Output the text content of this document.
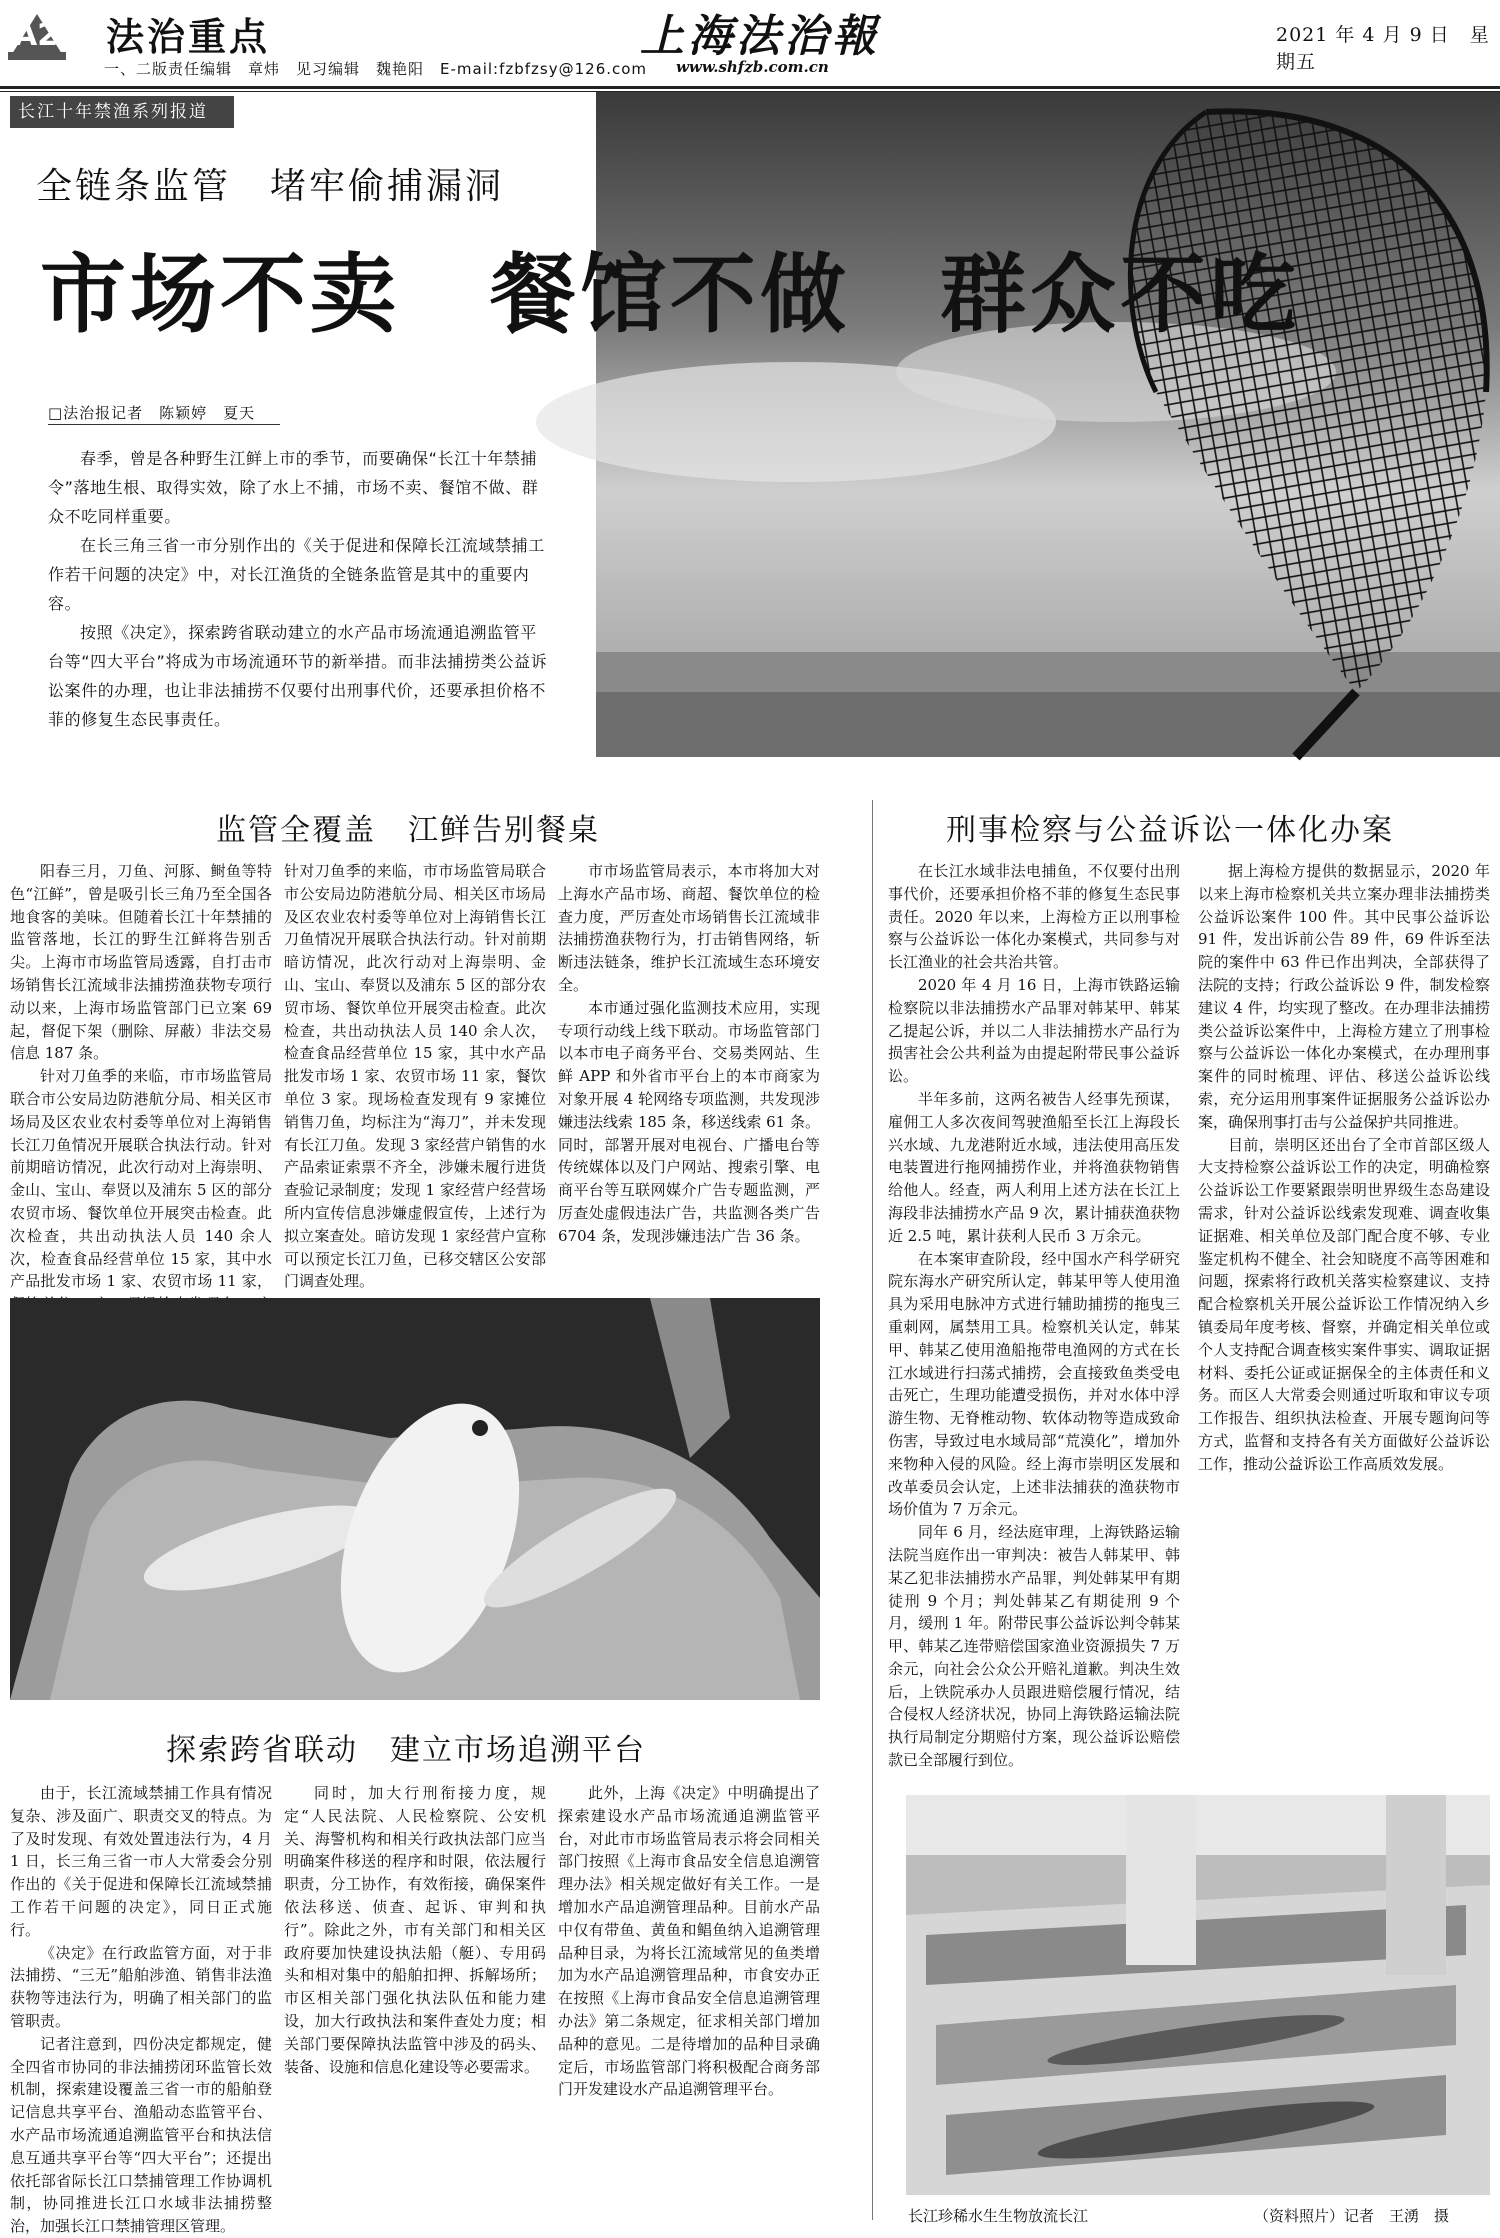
A2 法治重点
一、二版责任编辑　章炜　见习编辑　魏艳阳　E-mail:fzbfzsy@126.com
上海法治報
www.shfzb.com.cn
2021 年 4 月 9 日　星期五
长江十年禁渔系列报道
全链条监管　堵牢偷捕漏洞
市场不卖　餐馆不做　群众不吃
□法治报记者　陈颖婷　夏天

春季，曾是各种野生江鲜上市的季节，而要确保“长江十年禁捕令”落地生根、取得实效，除了水上不捕，市场不卖、餐馆不做、群众不吃同样重要。

在长三角三省一市分别作出的《关于促进和保障长江流域禁捕工作若干问题的决定》中，对长江渔货的全链条监管是其中的重要内容。

按照《决定》，探索跨省联动建立的水产品市场流通追溯监管平台等“四大平台”将成为市场流通环节的新举措。而非法捕捞类公益诉讼案件的办理，也让非法捕捞不仅要付出刑事代价，还要承担价格不菲的修复生态民事责任。

监管全覆盖　江鲜告别餐桌

阳春三月，刀鱼、河豚、鲥鱼等特色“江鲜”，曾是吸引长三角乃至全国各地食客的美味。但随着长江十年禁捕的监管落地，长江的野生江鲜将告别舌尖。上海市市场监管局透露，自打击市场销售长江流域非法捕捞渔获物专项行动以来，上海市场监管部门已立案 69 起，督促下架（删除、屏蔽）非法交易信息 187 条。

针对刀鱼季的来临，市市场监管局联合市公安局边防港航分局、相关区市场局及区农业农村委等单位对上海销售长江刀鱼情况开展联合执法行动。针对前期暗访情况，此次行动对上海崇明、金山、宝山、奉贤以及浦东 5 区的部分农贸市场、餐饮单位开展突击检查。此次检查，共出动执法人员 140 余人次，检查食品经营单位 15 家，其中水产品批发市场 1 家、农贸市场 11 家，

针对刀鱼季的来临，市市场监管局联合市公安局边防港航分局、相关区市场局及区农业农村委等单位对上海销售长江刀鱼情况开展联合执法行动。针对前期暗访情况，此次行动对上海崇明、金山、宝山、奉贤以及浦东 5 区的部分农贸市场、餐饮单位开展突击检查。此次检查，共出动执法人员 140 余人次，检查食品经营单位 15 家，其中水产品批发市场 1 家、农贸市场 11 家，餐饮单位 3 家。现场检查发现有 9 家摊位销售刀鱼，均标注为“海刀”，并未发现有长江刀鱼。发现 3 家经营户销售的水产品索证索票不齐全，涉嫌未履行进货查验记录制度；发现 1 家经营户经营场所内宣传信息涉嫌虚假宣传，上述行为拟立案查处。暗访发现 1 家经营户宣称可以预定长江刀鱼，已移交辖区公安部门调查处理。

市市场监管局表示，本市将加大对上海水产品市场、商超、餐饮单位的检查力度，严厉查处市场销售长江流域非法捕捞渔获物行为，打击销售网络，斩断违法链条，维护长江流域生态环境安全。

本市通过强化监测技术应用，实现专项行动线上线下联动。市场监管部门以本市电子商务平台、交易类网站、生鲜 APP 和外省市平台上的本市商家为对象开展 4 轮网络专项监测，共发现涉嫌违法线索 185 条，移送线索 61 条。同时，部署开展对电视台、广播电台等传统媒体以及门户网站、搜索引擎、电商平台等互联网媒介广告专题监测，严厉查处虚假违法广告，共监测各类广告 6704 条，发现涉嫌违法广告 36 条。

探索跨省联动　建立市场追溯平台

由于，长江流域禁捕工作具有情况复杂、涉及面广、职责交叉的特点。为了及时发现、有效处置违法行为，4 月 1 日，长三角三省一市人大常委会分别作出的《关于促进和保障长江流域禁捕工作若干问题的决定》，同日正式施行。

《决定》在行政监管方面，对于非法捕捞、“三无”船舶涉渔、销售非法渔获物等违法行为，明确了相关部门的监管职责。

记者注意到，四份决定都规定，健全四省市协同的非法捕捞闭环监管长效机制，探索建设覆盖三省一市的船舶登记信息共享平台、渔船动态监管平台、水产品市场流通追溯监管平台和执法信息互通共享平台等“四大平台”；还提出依托部省际长江口禁捕管理工作协调机制，协同推进长江口水域非法捕捞整治，加强长江口禁捕管理区管理。

同时，加大行刑衔接力度，规定“人民法院、人民检察院、公安机关、海警机构和相关行政执法部门应当明确案件移送的程序和时限，依法履行职责，分工协作，有效衔接，确保案件依法移送、侦查、起诉、审判和执行”。除此之外，市有关部门和相关区政府要加快建设执法船（艇）、专用码头和相对集中的船舶扣押、拆解场所；市区相关部门强化执法队伍和能力建设，加大行政执法和案件查处力度；相关部门要保障执法监管中涉及的码头、装备、设施和信息化建设等必要需求。

此外，上海《决定》中明确提出了探索建设水产品市场流通追溯监管平台，对此市市场监管局表示将会同相关部门按照《上海市食品安全信息追溯管理办法》相关规定做好有关工作。一是增加水产品追溯管理品种。目前水产品中仅有带鱼、黄鱼和鲳鱼纳入追溯管理品种目录，为将长江流域常见的鱼类增加为水产品追溯管理品种，市食安办正在按照《上海市食品安全信息追溯管理办法》第二条规定，征求相关部门增加品种的意见。二是待增加的品种目录确定后，市场监管部门将积极配合商务部门开发建设水产品追溯管理平台。

刑事检察与公益诉讼一体化办案

在长江水域非法电捕鱼，不仅要付出刑事代价，还要承担价格不菲的修复生态民事责任。2020 年以来，上海检方正以刑事检察与公益诉讼一体化办案模式，共同参与对长江渔业的社会共治共管。

2020 年 4 月 16 日，上海市铁路运输检察院以非法捕捞水产品罪对韩某甲、韩某乙提起公诉，并以二人非法捕捞水产品行为损害社会公共利益为由提起附带民事公益诉讼。

半年多前，这两名被告人经事先预谋，雇佣工人多次夜间驾驶渔船至长江上海段长兴水域、九龙港附近水域，违法使用高压发电装置进行拖网捕捞作业，并将渔获物销售给他人。经查，两人利用上述方法在长江上海段非法捕捞水产品 9 次，累计捕获渔获物近 2.5 吨，累计获利人民币 3 万余元。

在本案审查阶段，经中国水产科学研究院东海水产研究所认定，韩某甲等人使用渔具为采用电脉冲方式进行辅助捕捞的拖曳三重刺网，属禁用工具。检察机关认定，韩某甲、韩某乙使用渔船拖带电渔网的方式在长江水域进行扫荡式捕捞，会直接致鱼类受电击死亡，生理功能遭受损伤，并对水体中浮游生物、无脊椎动物、软体动物等造成致命伤害，导致过电水域局部“荒漠化”，增加外来物种入侵的风险。经上海市崇明区发展和改革委员会认定，上述非法捕获的渔获物市场价值为 7 万余元。

同年 6 月，经法庭审理，上海铁路运输法院当庭作出一审判决：被告人韩某甲、韩某乙犯非法捕捞水产品罪，判处韩某甲有期徒刑 9 个月；判处韩某乙有期徒刑 9 个月，缓刑 1 年。附带民事公益诉讼判令韩某甲、韩某乙连带赔偿国家渔业资源损失 7 万余元，向社会公众公开赔礼道歉。判决生效后，上铁院承办人员跟进赔偿履行情况，结合侵权人经济状况，协同上海铁路运输法院执行局制定分期赔付方案，现公益诉讼赔偿款已全部履行到位。

据上海检方提供的数据显示，2020 年以来上海市检察机关共立案办理非法捕捞类公益诉讼案件 100 件。其中民事公益诉讼 91 件，发出诉前公告 89 件，69 件诉至法院的案件中 63 件已作出判决，全部获得了法院的支持；行政公益诉讼 9 件，制发检察建议 4 件，均实现了整改。在办理非法捕捞类公益诉讼案件中，上海检方建立了刑事检察与公益诉讼一体化办案模式，在办理刑事案件的同时梳理、评估、移送公益诉讼线索，充分运用刑事案件证据服务公益诉讼办案，确保刑事打击与公益保护共同推进。

目前，崇明区还出台了全市首部区级人大支持检察公益诉讼工作的决定，明确检察公益诉讼工作要紧跟崇明世界级生态岛建设需求，针对公益诉讼线索发现难、调查收集证据难、相关单位及部门配合度不够、专业鉴定机构不健全、社会知晓度不高等困难和问题，探索将行政机关落实检察建议、支持配合检察机关开展公益诉讼工作情况纳入乡镇委局年度考核、督察，并确定相关单位或个人支持配合调查核实案件事实、调取证据材料、委托公证或证据保全的主体责任和义务。而区人大常委会则通过听取和审议专项工作报告、组织执法检查、开展专题询问等方式，监督和支持各有关方面做好公益诉讼工作，推动公益诉讼工作高质效发展。

长江珍稀水生生物放流长江	（资料照片）记者　王湧　摄
